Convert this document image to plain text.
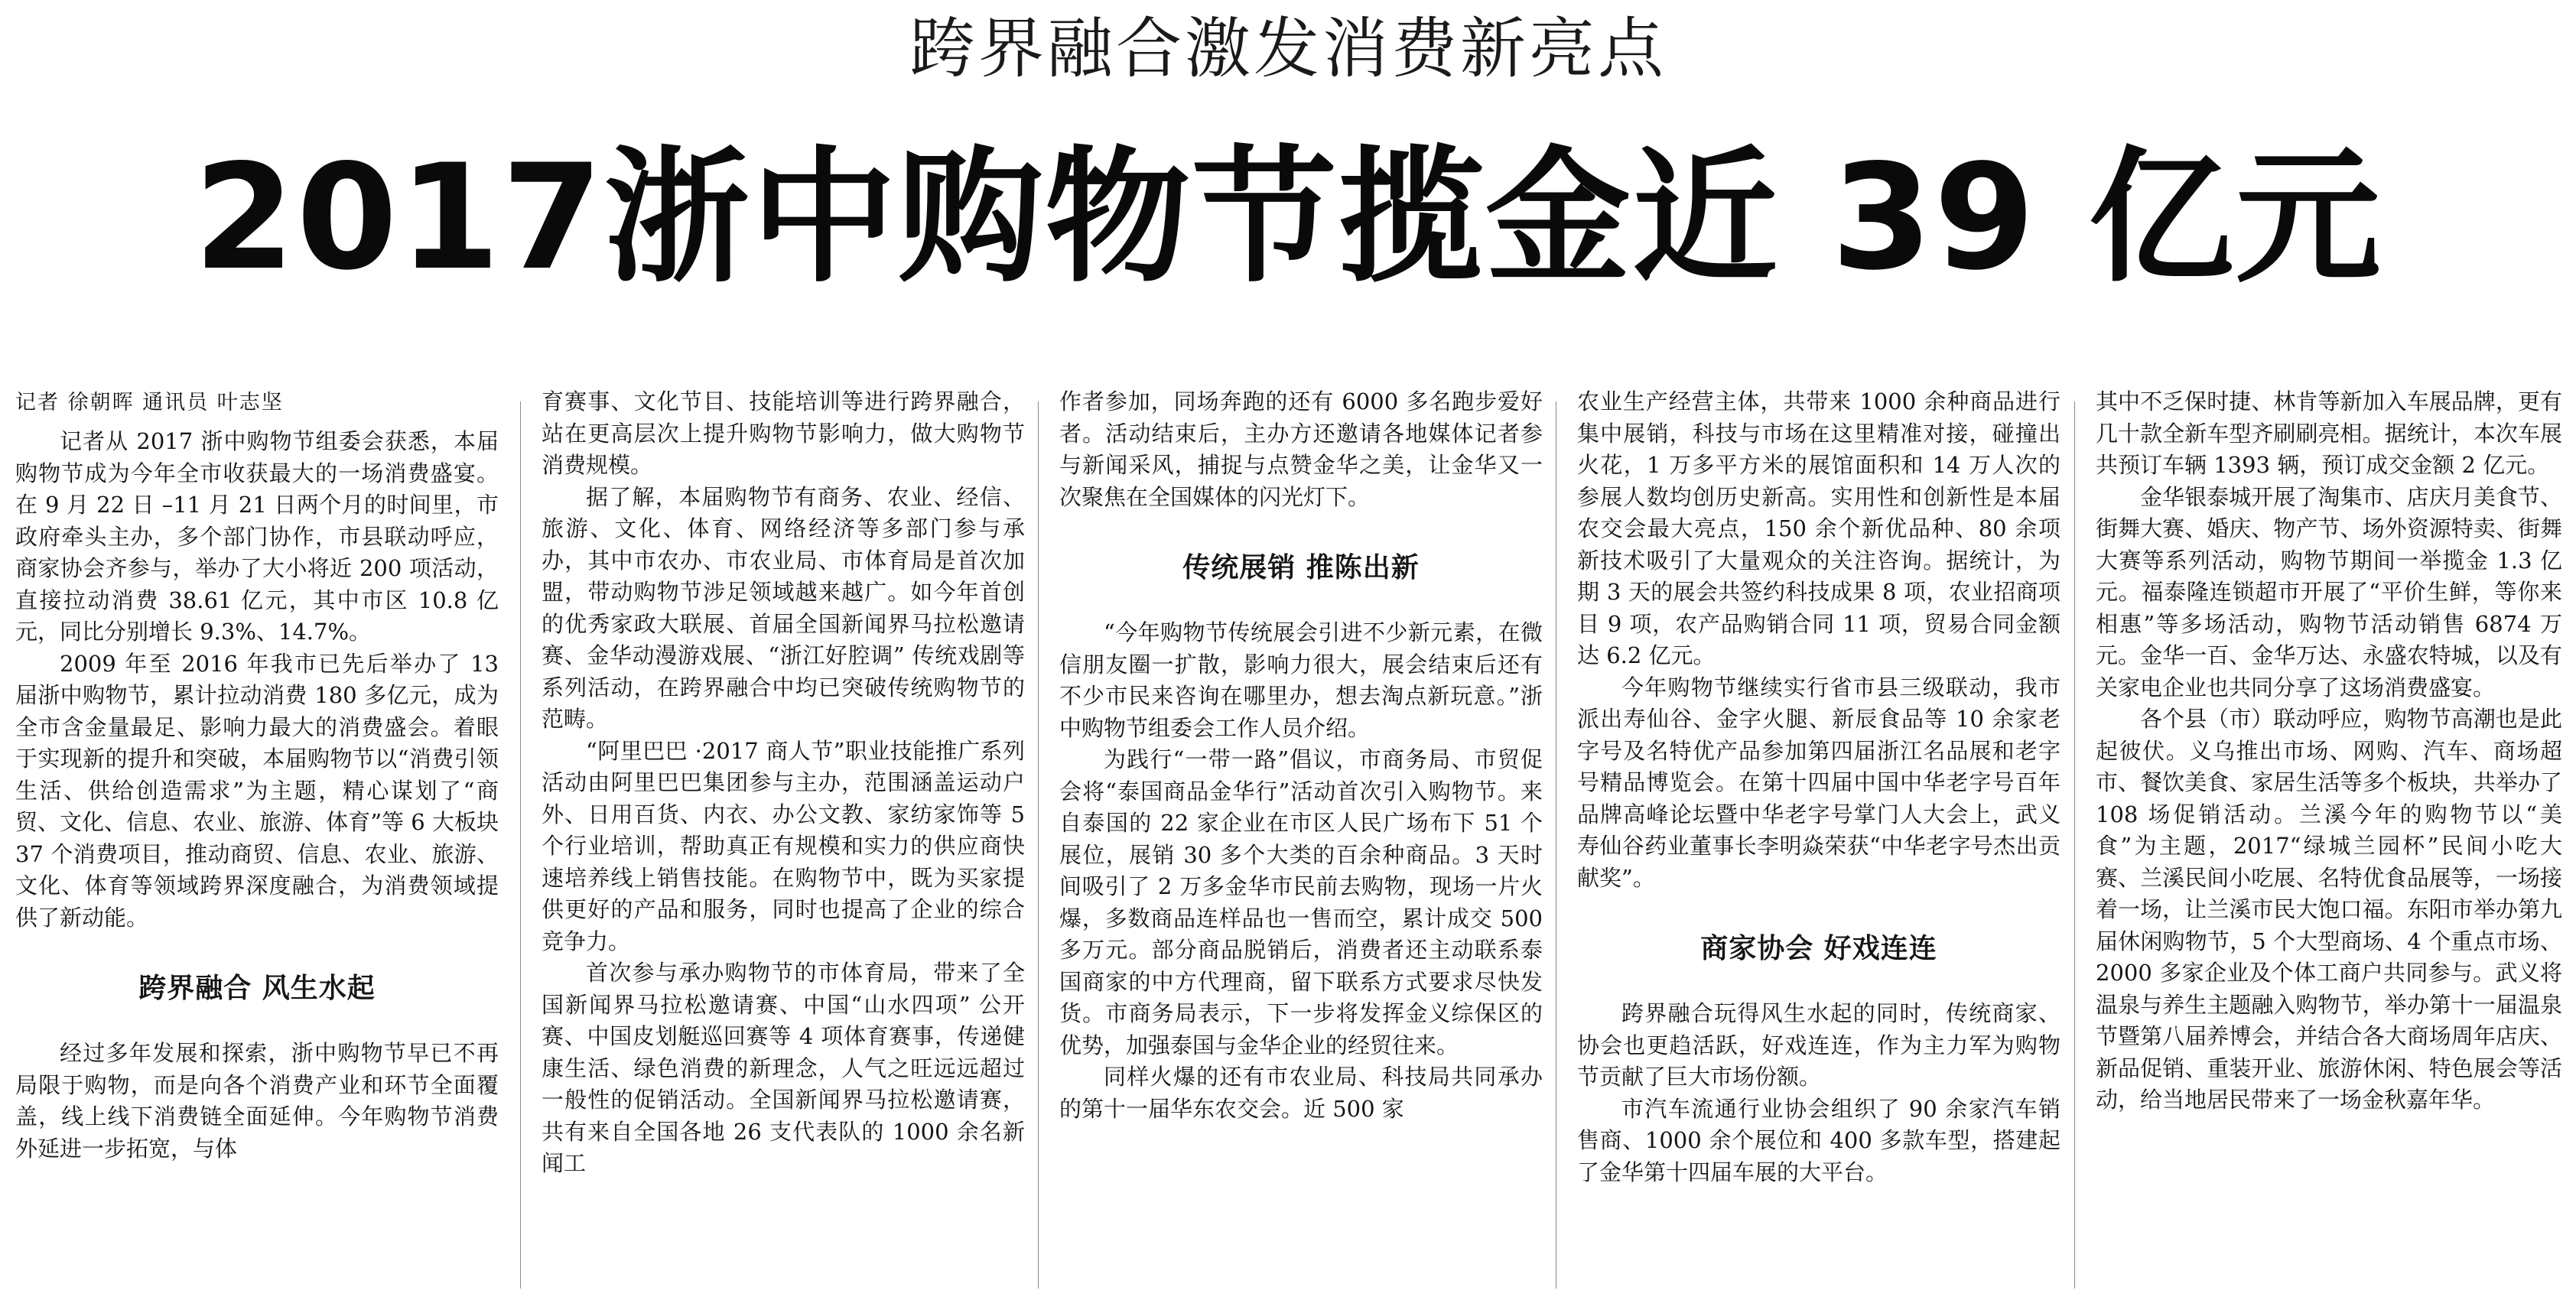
跨界融合激发消费新亮点
2017浙中购物节揽金近 39 亿元
记者 徐朝晖 通讯员 叶志坚

记者从 2017 浙中购物节组委会获悉，本届购物节成为今年全市收获最大的一场消费盛宴。在 9 月 22 日 –11 月 21 日两个月的时间里，市政府牵头主办，多个部门协作，市县联动呼应，商家协会齐参与，举办了大小将近 200 项活动，直接拉动消费 38.61 亿元，其中市区 10.8 亿元，同比分别增长 9.3%、14.7%。

2009 年至 2016 年我市已先后举办了 13 届浙中购物节，累计拉动消费 180 多亿元，成为全市含金量最足、影响力最大的消费盛会。着眼于实现新的提升和突破，本届购物节以“消费引领生活、供给创造需求”为主题，精心谋划了“商贸、文化、信息、农业、旅游、体育”等 6 大板块 37 个消费项目，推动商贸、信息、农业、旅游、文化、体育等领域跨界深度融合，为消费领域提供了新动能。

跨界融合 风生水起

经过多年发展和探索，浙中购物节早已不再局限于购物，而是向各个消费产业和环节全面覆盖，线上线下消费链全面延伸。今年购物节消费外延进一步拓宽，与体

育赛事、文化节目、技能培训等进行跨界融合，站在更高层次上提升购物节影响力，做大购物节消费规模。

据了解，本届购物节有商务、农业、经信、旅游、文化、体育、网络经济等多部门参与承办，其中市农办、市农业局、市体育局是首次加盟，带动购物节涉足领域越来越广。如今年首创的优秀家政大联展、首届全国新闻界马拉松邀请赛、金华动漫游戏展、“浙江好腔调” 传统戏剧等系列活动，在跨界融合中均已突破传统购物节的范畴。

“阿里巴巴 ·2017 商人节”职业技能推广系列活动由阿里巴巴集团参与主办，范围涵盖运动户外、日用百货、内衣、办公文教、家纺家饰等 5 个行业培训，帮助真正有规模和实力的供应商快速培养线上销售技能。在购物节中，既为买家提供更好的产品和服务，同时也提高了企业的综合竞争力。

首次参与承办购物节的市体育局，带来了全国新闻界马拉松邀请赛、中国“山水四项” 公开赛、中国皮划艇巡回赛等 4 项体育赛事，传递健康生活、绿色消费的新理念，人气之旺远远超过一般性的促销活动。全国新闻界马拉松邀请赛，共有来自全国各地 26 支代表队的 1000 余名新闻工

作者参加，同场奔跑的还有 6000 多名跑步爱好者。活动结束后，主办方还邀请各地媒体记者参与新闻采风，捕捉与点赞金华之美，让金华又一次聚焦在全国媒体的闪光灯下。

传统展销 推陈出新

“今年购物节传统展会引进不少新元素，在微信朋友圈一扩散，影响力很大，展会结束后还有不少市民来咨询在哪里办，想去淘点新玩意。”浙中购物节组委会工作人员介绍。

为践行“一带一路”倡议，市商务局、市贸促会将“泰国商品金华行”活动首次引入购物节。来自泰国的 22 家企业在市区人民广场布下 51 个展位，展销 30 多个大类的百余种商品。3 天时间吸引了 2 万多金华市民前去购物，现场一片火爆，多数商品连样品也一售而空，累计成交 500 多万元。部分商品脱销后，消费者还主动联系泰国商家的中方代理商，留下联系方式要求尽快发货。市商务局表示，下一步将发挥金义综保区的优势，加强泰国与金华企业的经贸往来。

同样火爆的还有市农业局、科技局共同承办的第十一届华东农交会。近 500 家

农业生产经营主体，共带来 1000 余种商品进行集中展销，科技与市场在这里精准对接，碰撞出火花，1 万多平方米的展馆面积和 14 万人次的参展人数均创历史新高。实用性和创新性是本届农交会最大亮点，150 余个新优品种、80 余项新技术吸引了大量观众的关注咨询。据统计，为期 3 天的展会共签约科技成果 8 项，农业招商项目 9 项，农产品购销合同 11 项，贸易合同金额达 6.2 亿元。

今年购物节继续实行省市县三级联动，我市派出寿仙谷、金字火腿、新辰食品等 10 余家老字号及名特优产品参加第四届浙江名品展和老字号精品博览会。在第十四届中国中华老字号百年品牌高峰论坛暨中华老字号掌门人大会上，武义寿仙谷药业董事长李明焱荣获“中华老字号杰出贡献奖”。

商家协会 好戏连连

跨界融合玩得风生水起的同时，传统商家、协会也更趋活跃，好戏连连，作为主力军为购物节贡献了巨大市场份额。

市汽车流通行业协会组织了 90 余家汽车销售商、1000 余个展位和 400 多款车型，搭建起了金华第十四届车展的大平台。

其中不乏保时捷、林肯等新加入车展品牌，更有几十款全新车型齐刷刷亮相。据统计，本次车展共预订车辆 1393 辆，预订成交金额 2 亿元。

金华银泰城开展了淘集市、店庆月美食节、街舞大赛、婚庆、物产节、场外资源特卖、街舞大赛等系列活动，购物节期间一举揽金 1.3 亿元。福泰隆连锁超市开展了“平价生鲜，等你来相惠”等多场活动，购物节活动销售 6874 万元。金华一百、金华万达、永盛农特城，以及有关家电企业也共同分享了这场消费盛宴。

各个县（市）联动呼应，购物节高潮也是此起彼伏。义乌推出市场、网购、汽车、商场超市、餐饮美食、家居生活等多个板块，共举办了 108 场促销活动。兰溪今年的购物节以“美食”为主题，2017“绿城兰园杯”民间小吃大赛、兰溪民间小吃展、名特优食品展等，一场接着一场，让兰溪市民大饱口福。东阳市举办第九届休闲购物节，5 个大型商场、4 个重点市场、2000 多家企业及个体工商户共同参与。武义将温泉与养生主题融入购物节，举办第十一届温泉节暨第八届养博会，并结合各大商场周年店庆、新品促销、重装开业、旅游休闲、特色展会等活动，给当地居民带来了一场金秋嘉年华。
